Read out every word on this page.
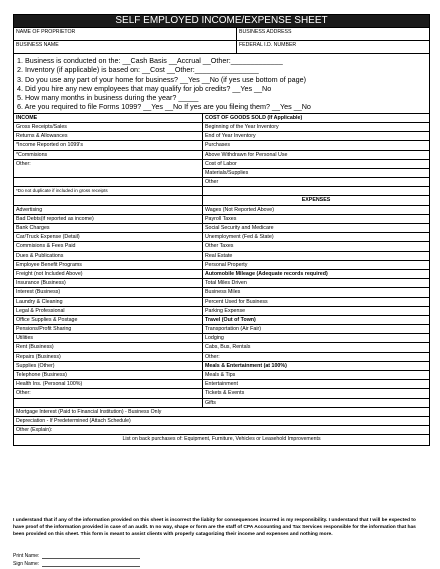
SELF EMPLOYED INCOME/EXPENSE SHEET
NAME OF PROPRIETOR	BUSINESS ADDRESS
BUSINESS NAME	FEDERAL I.D. NUMBER
1. Business is conducted on the: __Cash Basis __Accrual __Other:_____________
2. Inventory (if applicable) is based on: __Cost __Other:________________
3. Do you use any part of your home for business? __Yes __No (if yes use bottom of page)
4. Did you hire any new employees that may qualify for job credits? __Yes __No
5. How many months in business during the year? _____
6. Are you required to file Forms 1099? __Yes __No If yes are you fileing them? __Yes __No
INCOME
Gross Receipts/Sales
Returns & Allowances
*Income Reported on 1099's
*Commisions
Other:
*Do not duplicate if included in gross receipts
COST OF GOODS SOLD (If Applicable)
Beginning of the Year Inventory
End of Year Inventory
Purchases
Above Withdrawn for Personal Use
Cost of Labor
Materials/Supplies
Other
EXPENSES
Advertising
Bad Debts(if reported as income)
Bank Charges
Car/Truck Expense (Detail)
Commisions & Fees Paid
Dues & Publications
Employee Benefit Programs
Freight (not Included Above)
Insurance (Business)
Interest (Business)
Laundry & Cleaning
Legal & Professional
Office Supplies & Postage
Pensions/Profit Sharing
Utilities
Rent (Business)
Repairs (Business)
Supplies (Other)
Telephone (Business)
Health Ins. (Personal 100%)
Other:
Wages (Not Reported Above)
Payroll Taxes
Social Security and Medicare
Unemployment (Fed & State)
Other Taxes
Real Estate
Personal Property
Automobile Mileage (Adequate records required)
Total Miles Driven
Business Miles
Percent Used for Business
Parking Expense
Travel (Out of Town)
Transportation (Air Fair)
Lodging
Cabs, Bus, Rentals
Other:
Meals & Entertainment (at 100%)
Meals & Tips
Entertainment
Tickets & Events
Gifts
Mortgage Interest (Paid to Financial Institution) - Business Only
Depreciation - If Predetermined (Attach Schedule)
Other (Explain):
List on back purchases of: Equipment, Furniture, Vehicles or Leasehold Improvements
I understand that if any of the information provided on this sheet is incorrect the liabity for consequences incurred is my responsibility. I understand that I will be expected to have proof of the information provided in case of an audit. In no way, shape or form are the staff of CPA Accounting and Tax Services responsible for the information that has been provided on this sheet. This form is meant to assist clients with properly catagorizing their income and expenses and nothing more.
Print Name:
Sign Name:
